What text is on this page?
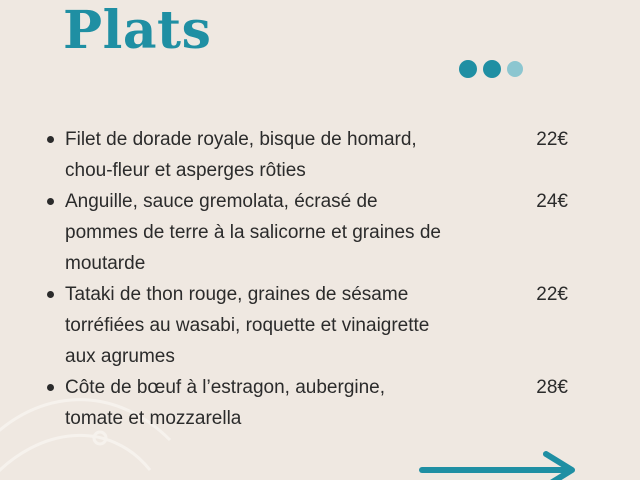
Plats
Filet de dorade royale, bisque de homard,
chou-fleur et asperges rôties
22€
Anguille, sauce gremolata, écrasé de
pommes de terre à la salicorne et graines de
moutarde
24€
Tataki de thon rouge, graines de sésame
torréfiées au wasabi, roquette et vinaigrette
aux agrumes
22€
Côte de bœuf à l’estragon, aubergine,
tomate et mozzarella
28€
